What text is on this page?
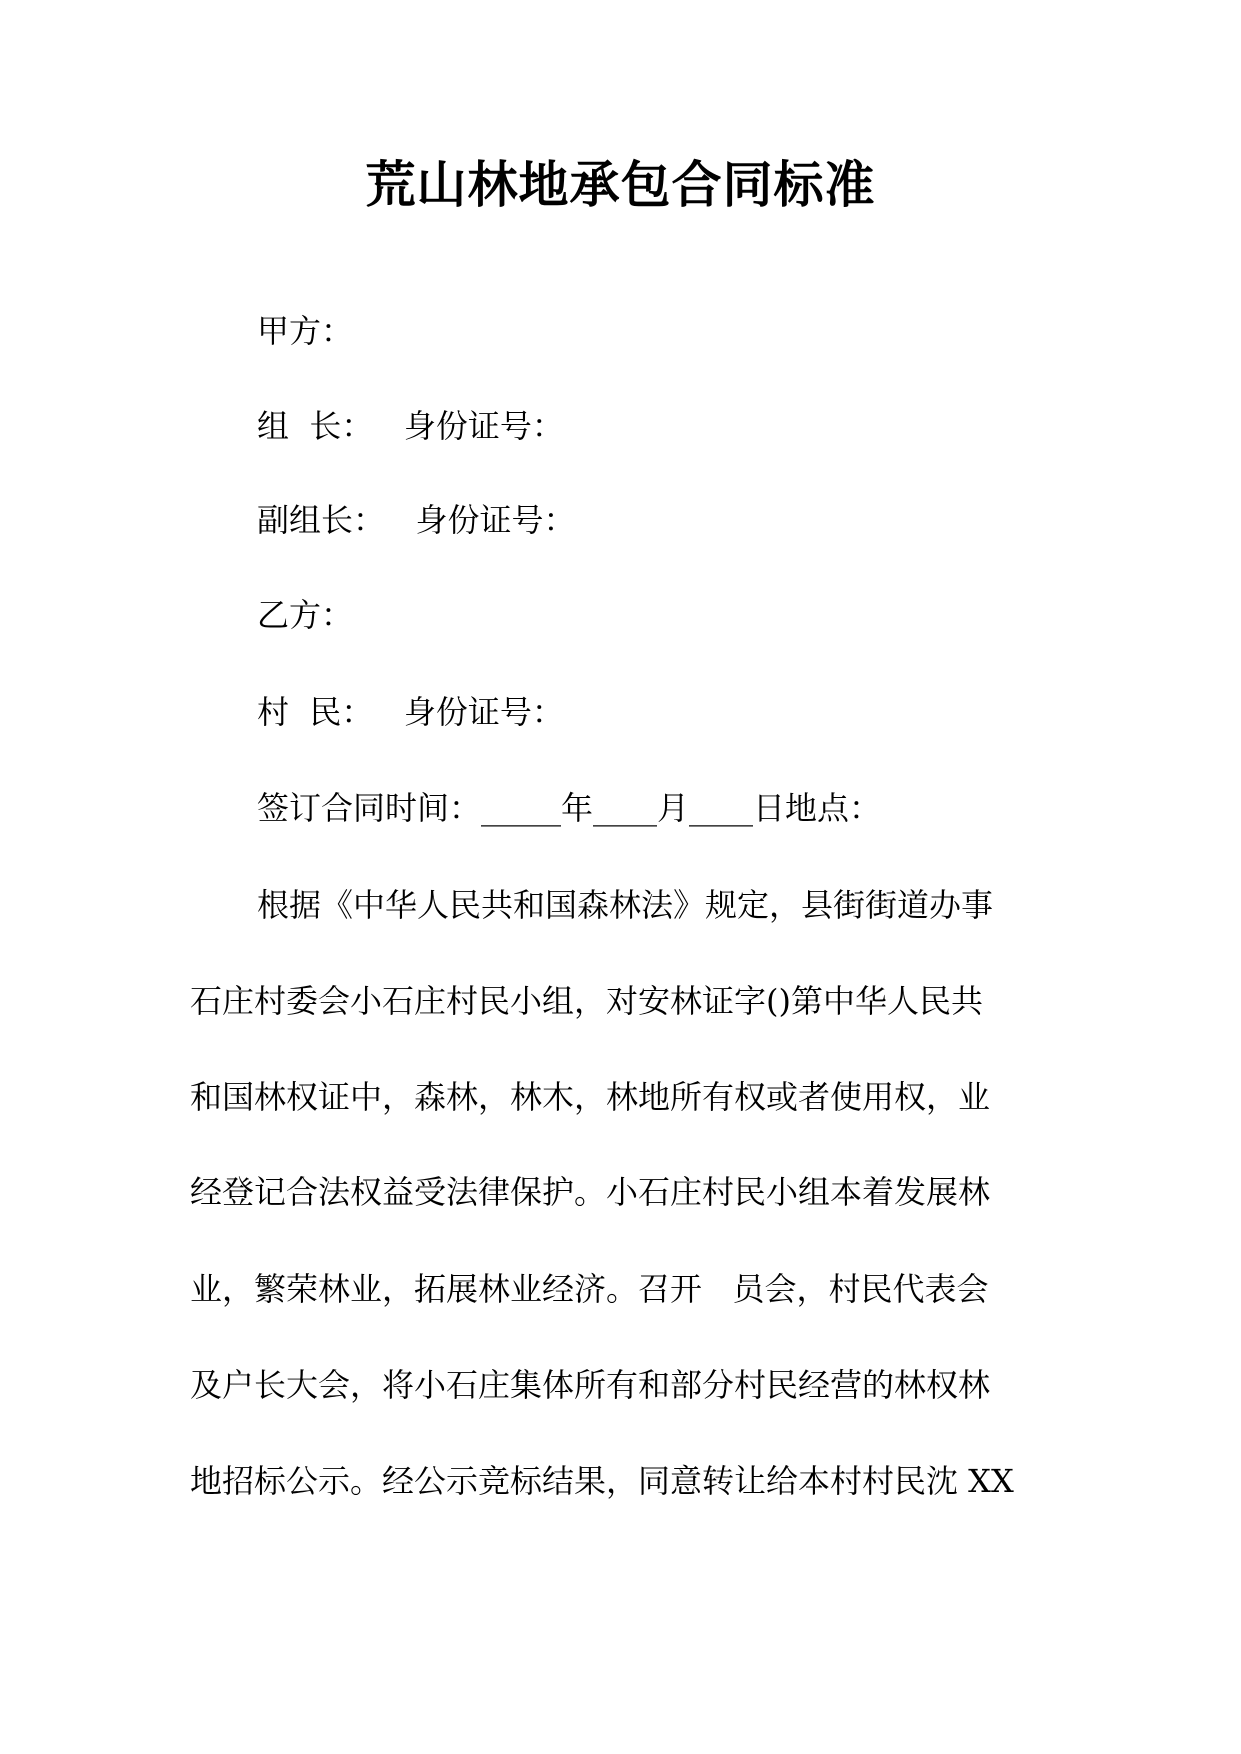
荒山林地承包合同标准

甲方：

组  长：   身份证号：

副组长：   身份证号：

乙方：

村  民：   身份证号：

签订合同时间：_____年____月____日地点：

根据《中华人民共和国森林法》规定，县街街道办事

石庄村委会小石庄村民小组，对安林证字()第中华人民共

和国林权证中，森林，林木，林地所有权或者使用权，业

经登记合法权益受法律保护。小石庄村民小组本着发展林

业，繁荣林业，拓展林业经济。召开   员会，村民代表会

及户长大会，将小石庄集体所有和部分村民经营的林权林

地招标公示。经公示竞标结果，同意转让给本村村民沈 XX
